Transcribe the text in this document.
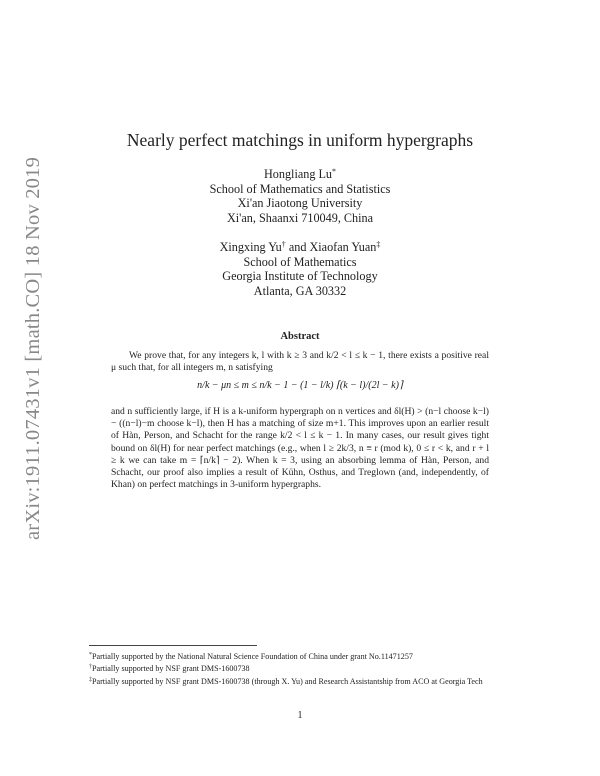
arXiv:1911.07431v1 [math.CO] 18 Nov 2019
Nearly perfect matchings in uniform hypergraphs
Hongliang Lu*
School of Mathematics and Statistics
Xi'an Jiaotong University
Xi'an, Shaanxi 710049, China
Xingxing Yu† and Xiaofan Yuan‡
School of Mathematics
Georgia Institute of Technology
Atlanta, GA 30332
Abstract
We prove that, for any integers k, l with k ≥ 3 and k/2 < l ≤ k − 1, there exists a positive real μ such that, for all integers m, n satisfying
n/k − μn ≤ m ≤ n/k − 1 − (1 − l/k) ⌈(k − l)/(2l − k)⌉
and n sufficiently large, if H is a k-uniform hypergraph on n vertices and δl(H) > (n−l choose k−l) − ((n−l)−m choose k−l), then H has a matching of size m+1. This improves upon an earlier result of Hàn, Person, and Schacht for the range k/2 < l ≤ k − 1. In many cases, our result gives tight bound on δl(H) for near perfect matchings (e.g., when l ≥ 2k/3, n ≡ r (mod k), 0 ≤ r < k, and r + l ≥ k we can take m = ⌈n/k⌉ − 2). When k = 3, using an absorbing lemma of Hàn, Person, and Schacht, our proof also implies a result of Kühn, Osthus, and Treglown (and, independently, of Khan) on perfect matchings in 3-uniform hypergraphs.
*Partially supported by the National Natural Science Foundation of China under grant No.11471257
†Partially supported by NSF grant DMS-1600738
‡Partially supported by NSF grant DMS-1600738 (through X. Yu) and Research Assistantship from ACO at Georgia Tech
1
